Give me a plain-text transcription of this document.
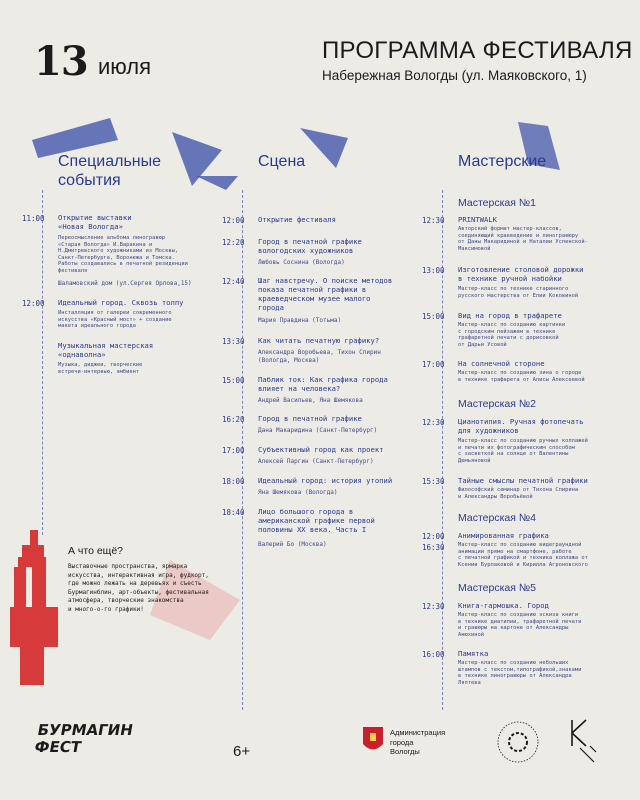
13 июля
ПРОГРАММА ФЕСТИВАЛЯ
Набережная Вологды (ул. Маяковского, 1)
Специальные
события
Сцена	Мастерские
11:00 Открытие выставки
«Новая Вологда»
Переосмысление альбома линогравюр
«Старая Вологда» И.Варакина и
Н.Дмитревского художниками из Москвы,
Санкт-Петербурга, Воронежа и Томска.
Работы создавались в печатной резиденции
фестиваля
Шаламовский дом (ул.Сергея Орлова,15)
12:00 Идеальный город. Сквозь толпу
Инсталляция от галереи современного
искусства «Красный мост» + создание
макета идеального города
Музыкальная мастерская
«однаволна»
Музыка, диджеи, творческие
встречи-интервью, эмбиент
12:00 Открытие фестиваля
12:20 Город в печатной графике
вологодских художников
Любовь Соснина (Вологда)
12:40 Шаг навстречу. О поиске методов
показа печатной графики в
краеведческом музее малого
города
Мария Правдина (Тотьма)
13:30 Как читать печатную графику?
Александра Воробьева, Тихон Спирин
(Вологда, Москва)
15:00 Паблик ток: Как графика города
влияет на человека?
Андрей Васильев, Яна Шемякова
16:20 Город в печатной графике
Дана Макаридина (Санкт-Петербург)
17:00 Субъективный город как проект
Алексей Паргин (Санкт-Петербург)
18:00 Идеальный город: история утопий
Яна Шемякова (Вологда)
18:40 Лицо большого города в
американской графике первой
половины XX века. Часть I
Валерий Бо (Москва)
Мастерская №1
12:30 PRINTWALK
Авторский формат мастер-классов,
соединяющий краеведение и линогравюру
от Даны Макаридиной и Наталии Успенской-
Максимовой
13:00 Изготовление столовой дорожки
в технике ручной набойки
Мастер-класс по технике старинного
русского мастерства от Елии Коковиной
15:00 Вид на город в трафарете
Мастер-класс по созданию картинки
с городским пейзажем в технике
трафаретной печати с дорисовкой
от Дарьи Усовой
17:00 На солнечной стороне
Мастер-класс по созданию зина о городе
в технике трафарета от Алисы Алексеевой
Мастерская №2
12:30 Цианотипия. Ручная фотопечать
для художников
Мастер-класс по созданию ручных коллажей
и печати их фотографическим способом
с засветкой на солнце от Валентины
Демьяновой
15:30 Тайные смыслы печатной графики
Философский семинар от Тихона Спирина
и Александры Воробьёвой
Мастерская №4
12:00
16:30
Анимированная графика
Мастер-класс по созданию видеграундной
анимации прямо на смартфоне, работе
с печатной графикой и техника коллажа от
Ксении Бурлаковой и Кирилла Агроновского
Мастерская №5
12:30 Книга-гармошка. Город
Мастер-класс по созданию эскиза книги
в технике диатипии, трафаретной печати
и гравюры на картоне от Александры
Анюхиной
16:00 Памятка
Мастер-класс по созданию небольших
штампов с текстом,типографикой,знаками
в технике линогравюры от Александра
Ляптева
А что ещё?
Выставочные пространства, ярмарка
искусства, интерактивная игра, фудкорт,
где можно лежать на деревьях и съесть
Бурмагинблин, арт-объекты, фестивальная
атмосфера, творческие знакомства
и много-о-го графики!
БУРМАГИН
ФЕСТ	6+
Администрация
города
Вологды
